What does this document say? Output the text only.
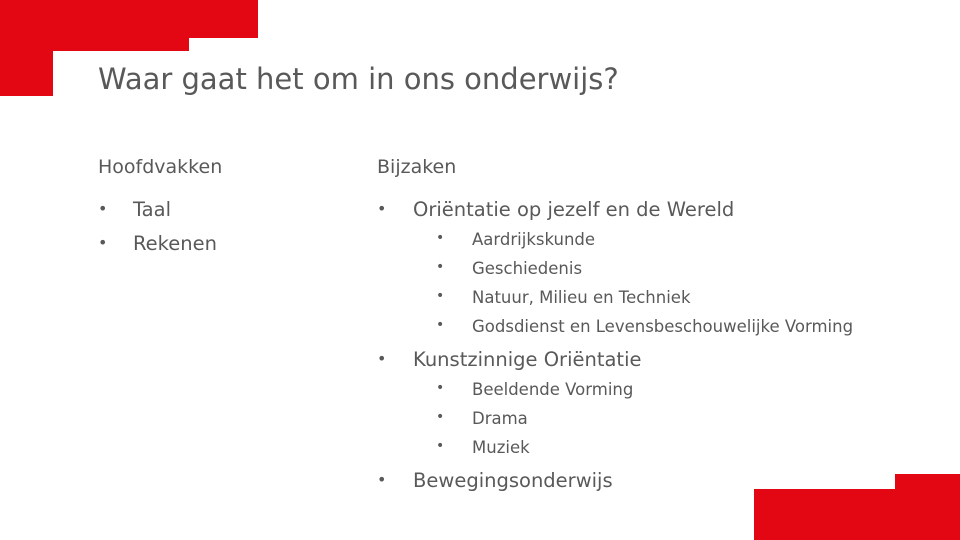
Waar gaat het om in ons onderwijs?
Hoofdvakken	Bijzaken
• Taal
• Rekenen
• Oriëntatie op jezelf en de Wereld
• Aardrijkskunde
• Geschiedenis
• Natuur, Milieu en Techniek
• Godsdienst en Levensbeschouwelijke Vorming
• Kunstzinnige Oriëntatie
• Beeldende Vorming
• Drama
• Muziek
• Bewegingsonderwijs
